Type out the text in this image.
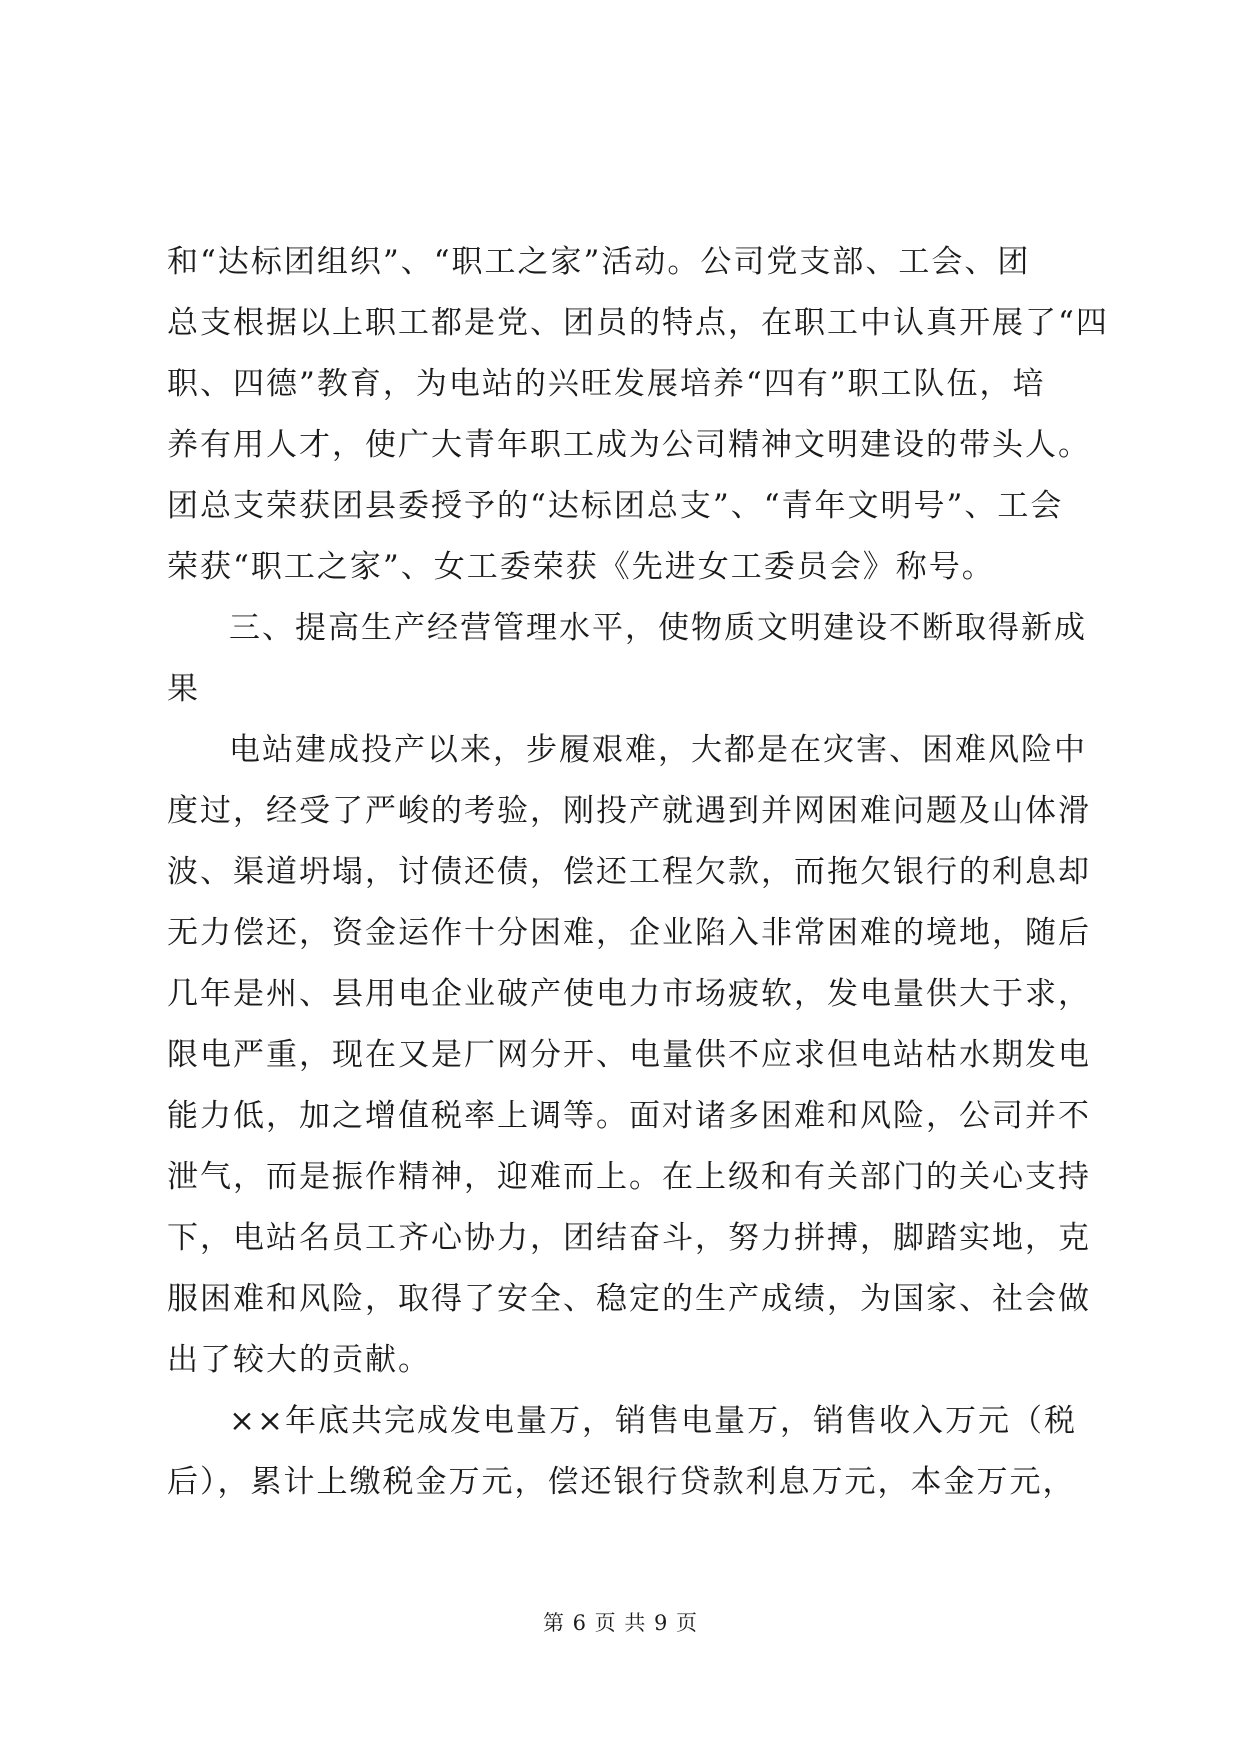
和“达标团组织”、“职工之家”活动。公司党支部、工会、团
总支根据以上职工都是党、团员的特点，在职工中认真开展了“四
职、四德”教育，为电站的兴旺发展培养“四有”职工队伍，培
养有用人才，使广大青年职工成为公司精神文明建设的带头人。
团总支荣获团县委授予的“达标团总支”、“青年文明号”、工会
荣获“职工之家”、女工委荣获《先进女工委员会》称号。
三、提高生产经营管理水平，使物质文明建设不断取得新成
果
电站建成投产以来，步履艰难，大都是在灾害、困难风险中
度过，经受了严峻的考验，刚投产就遇到并网困难问题及山体滑
波、渠道坍塌，讨债还债，偿还工程欠款，而拖欠银行的利息却
无力偿还，资金运作十分困难，企业陷入非常困难的境地，随后
几年是州、县用电企业破产使电力市场疲软，发电量供大于求，
限电严重，现在又是厂网分开、电量供不应求但电站枯水期发电
能力低，加之增值税率上调等。面对诸多困难和风险，公司并不
泄气，而是振作精神，迎难而上。在上级和有关部门的关心支持
下，电站名员工齐心协力，团结奋斗，努力拼搏，脚踏实地，克
服困难和风险，取得了安全、稳定的生产成绩，为国家、社会做
出了较大的贡献。
××年底共完成发电量万，销售电量万，销售收入万元（税
后），累计上缴税金万元，偿还银行贷款利息万元，本金万元，
第 6 页 共 9 页
